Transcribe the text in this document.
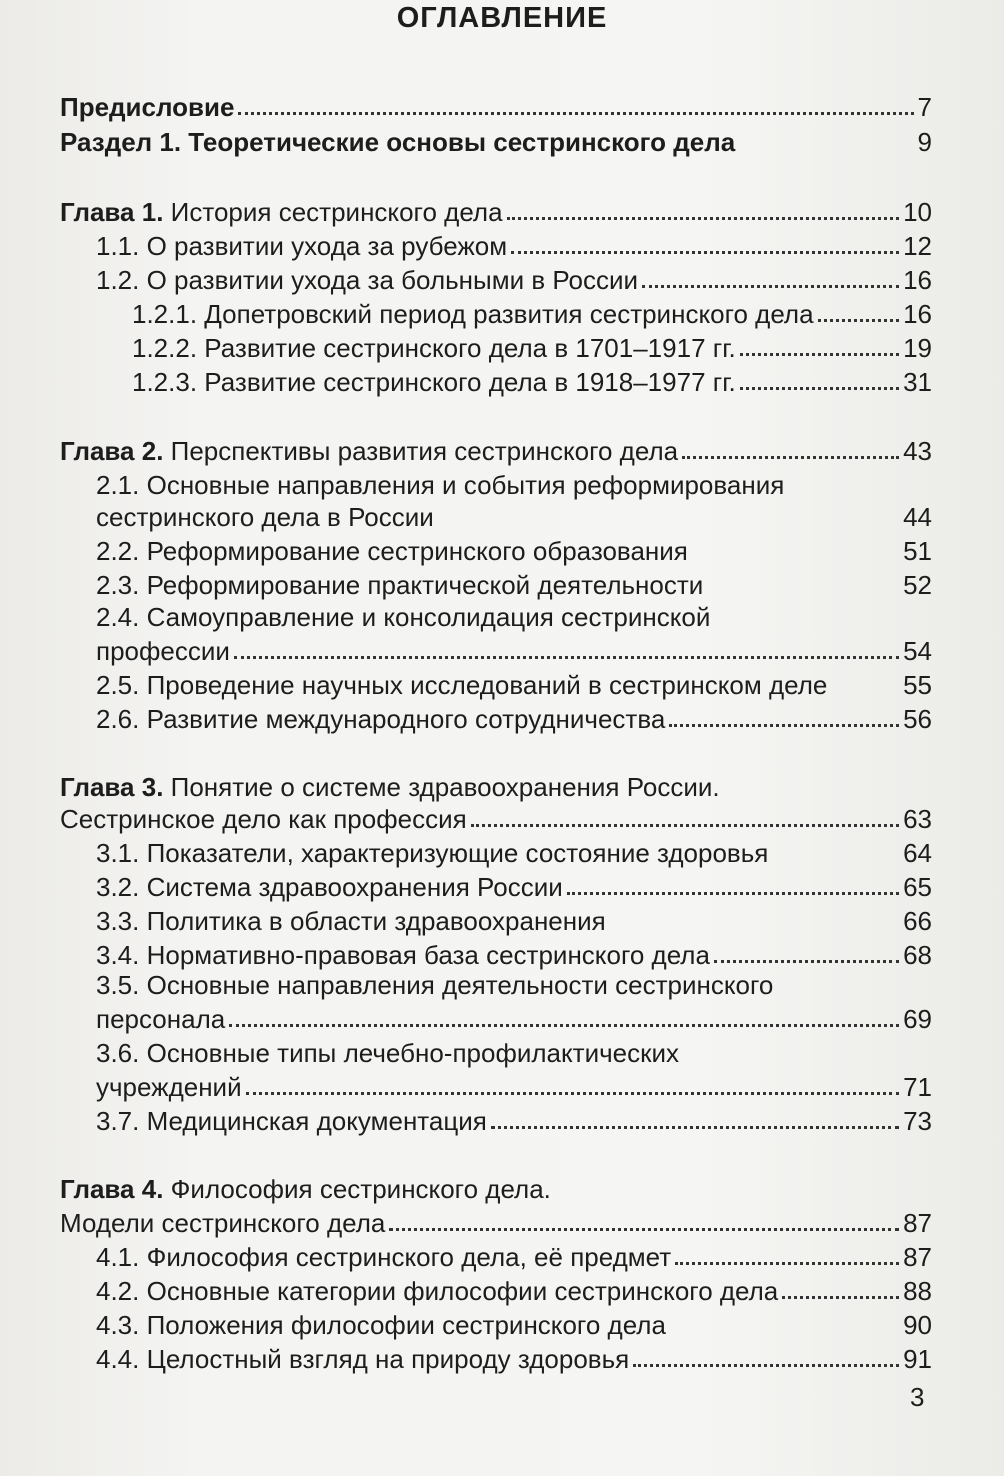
ОГЛАВЛЕНИЕ
Предисловие	7
Раздел 1. Теоретические основы сестринского дела	9
Глава 1. История сестринского дела	10
1.1. О развитии ухода за рубежом	12
1.2. О развитии ухода за больными в России	16
1.2.1. Допетровский период развития сестринского дела	16
1.2.2. Развитие сестринского дела в 1701–1917 гг.	19
1.2.3. Развитие сестринского дела в 1918–1977 гг.	31
Глава 2. Перспективы развития сестринского дела	43
2.1. Основные направления и события реформирования
сестринского дела в России	44
2.2. Реформирование сестринского образования	51
2.3. Реформирование практической деятельности	52
2.4. Самоуправление и консолидация сестринской
профессии	54
2.5. Проведение научных исследований в сестринском деле	55
2.6. Развитие международного сотрудничества	56
Глава 3. Понятие о системе здравоохранения России.
Сестринское дело как профессия	63
3.1. Показатели, характеризующие состояние здоровья	64
3.2. Система здравоохранения России	65
3.3. Политика в области здравоохранения	66
3.4. Нормативно-правовая база сестринского дела	68
3.5. Основные направления деятельности сестринского
персонала	69
3.6. Основные типы лечебно-профилактических
учреждений	71
3.7. Медицинская документация	73
Глава 4. Философия сестринского дела.
Модели сестринского дела	87
4.1. Философия сестринского дела, её предмет	87
4.2. Основные категории философии сестринского дела	88
4.3. Положения философии сестринского дела	90
4.4. Целостный взгляд на природу здоровья	91
3
